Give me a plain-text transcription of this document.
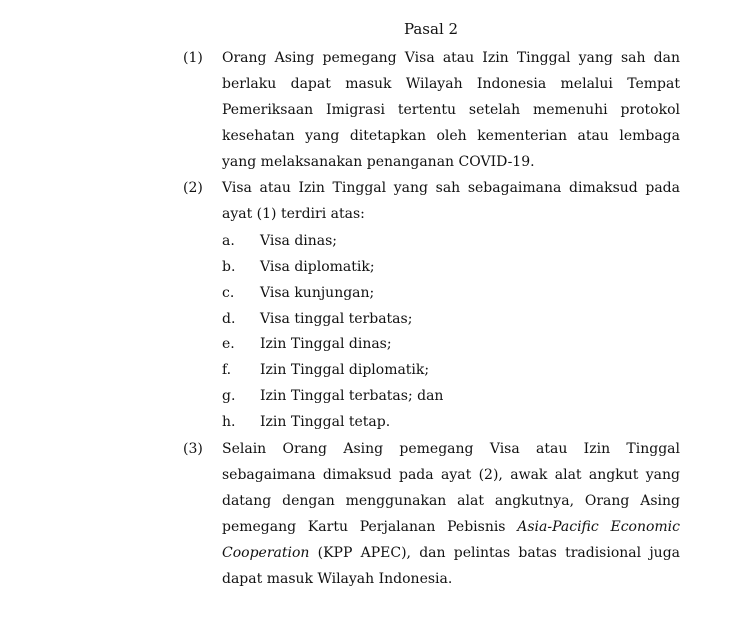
Pasal 2
(1) Orang Asing pemegang Visa atau Izin Tinggal yang sah dan berlaku dapat masuk Wilayah Indonesia melalui Tempat Pemeriksaan Imigrasi tertentu setelah memenuhi protokol kesehatan yang ditetapkan oleh kementerian atau lembaga yang melaksanakan penanganan COVID-19.
(2) Visa atau Izin Tinggal yang sah sebagaimana dimaksud pada ayat (1) terdiri atas:
a. Visa dinas;
b. Visa diplomatik;
c. Visa kunjungan;
d. Visa tinggal terbatas;
e. Izin Tinggal dinas;
f. Izin Tinggal diplomatik;
g. Izin Tinggal terbatas; dan
h. Izin Tinggal tetap.
(3) Selain Orang Asing pemegang Visa atau Izin Tinggal sebagaimana dimaksud pada ayat (2), awak alat angkut yang datang dengan menggunakan alat angkutnya, Orang Asing pemegang Kartu Perjalanan Pebisnis Asia-Pacific Economic Cooperation (KPP APEC), dan pelintas batas tradisional juga dapat masuk Wilayah Indonesia.
